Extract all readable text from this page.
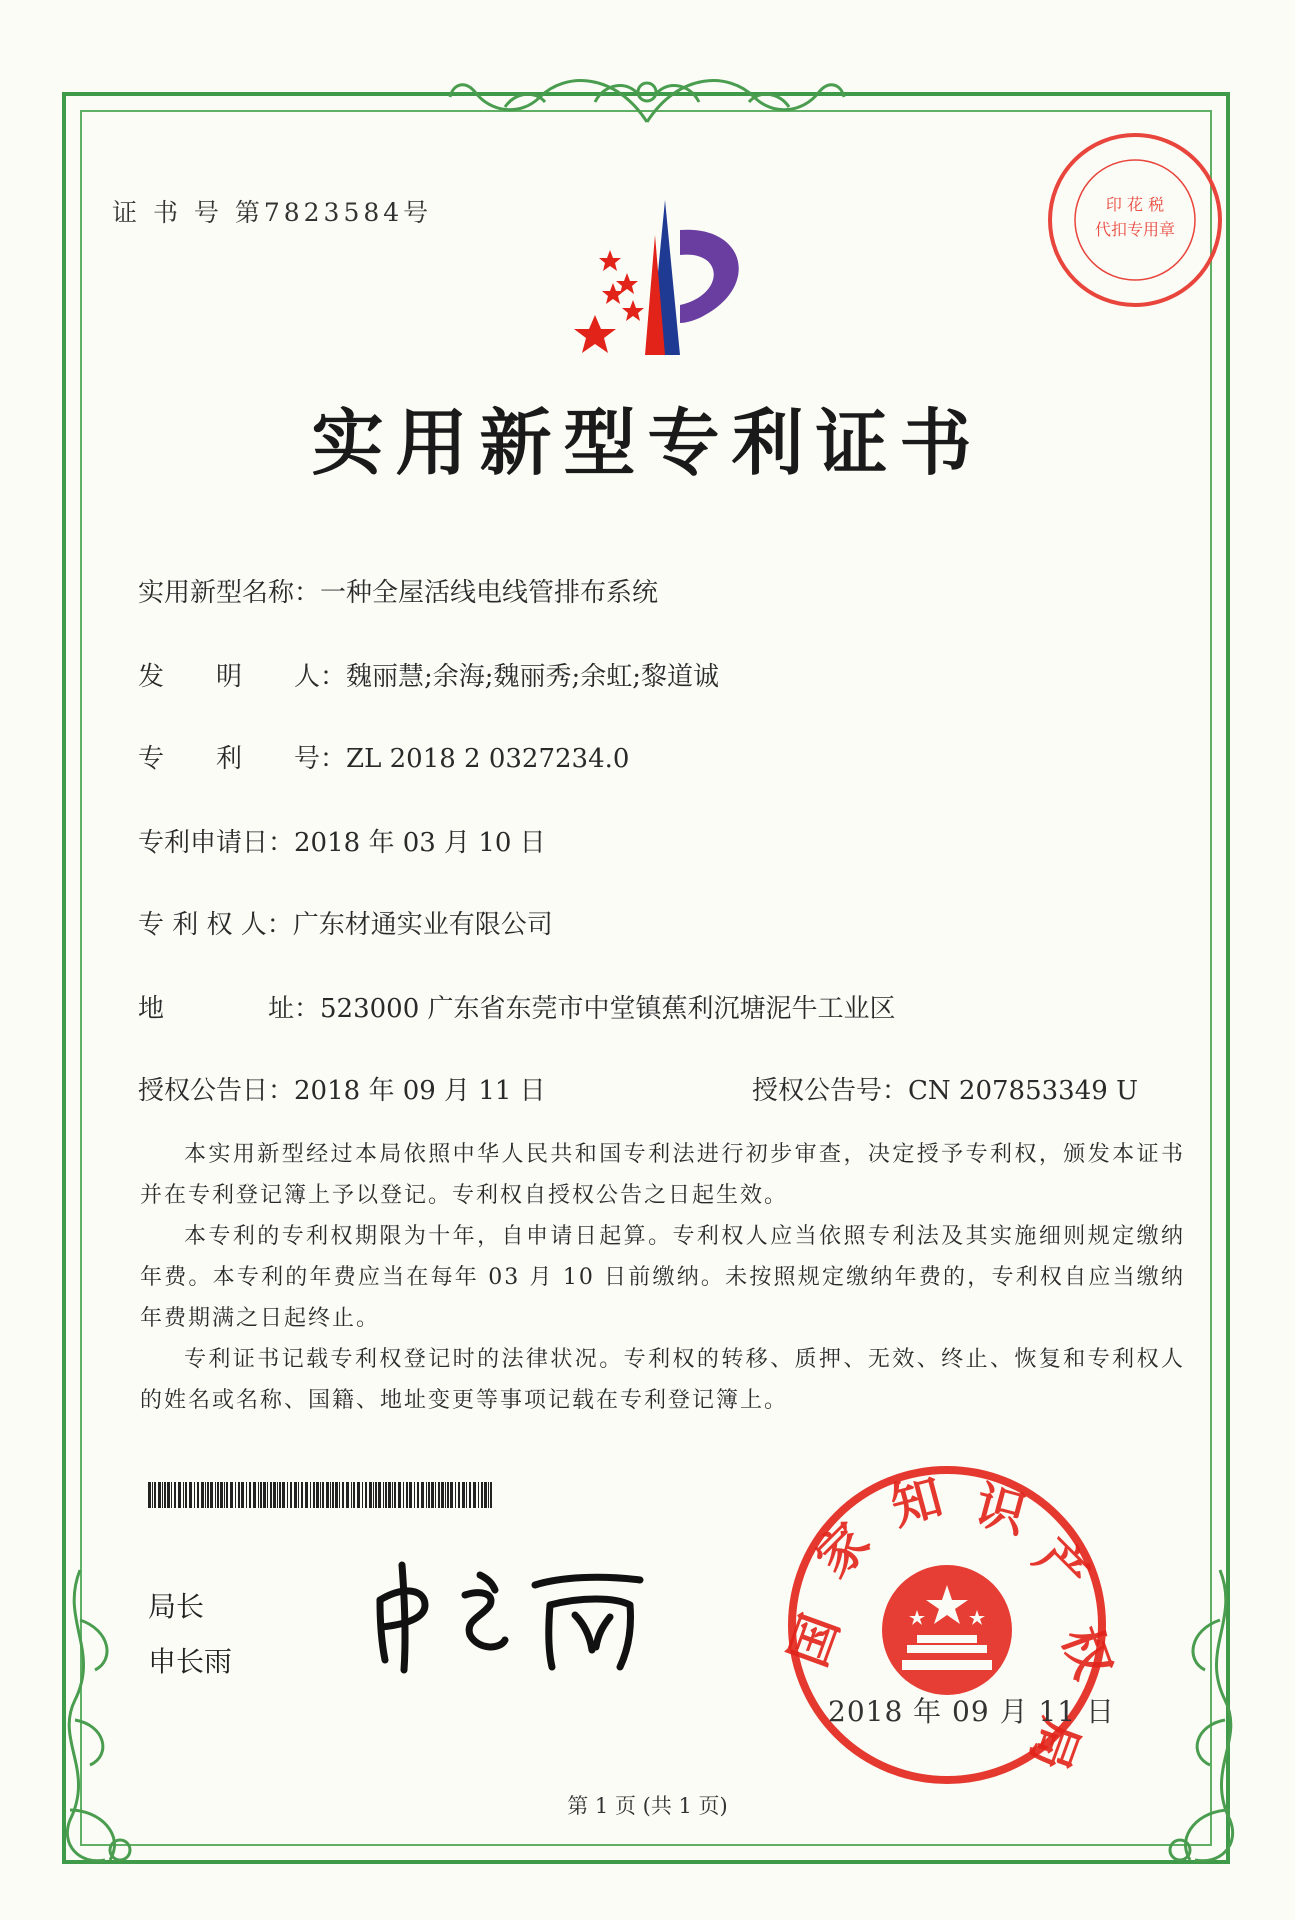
证 书 号 第7823584号	印 花 税
代扣专用章
实用新型专利证书
实用新型名称：一种全屋活线电线管排布系统
发　　明　　人：魏丽慧;余海;魏丽秀;余虹;黎道诚
专　　利　　号：ZL 2018 2 0327234.0
专利申请日：2018 年 03 月 10 日
专 利 权 人：广东材通实业有限公司
地　　　　址：523000 广东省东莞市中堂镇蕉利沉塘泥牛工业区
授权公告日：2018 年 09 月 11 日	授权公告号：CN 207853349 U

本实用新型经过本局依照中华人民共和国专利法进行初步审查，决定授予专利权，颁发本证书并在专利登记簿上予以登记。专利权自授权公告之日起生效。

本专利的专利权期限为十年，自申请日起算。专利权人应当依照专利法及其实施细则规定缴纳年费。本专利的年费应当在每年 03 月 10 日前缴纳。未按照规定缴纳年费的，专利权自应当缴纳年费期满之日起终止。

专利证书记载专利权登记时的法律状况。专利权的转移、质押、无效、终止、恢复和专利权人的姓名或名称、国籍、地址变更等事项记载在专利登记簿上。

局长
申长雨	国
家
知 识
产
权
局
2018 年 09 月 11 日
第 1 页 (共 1 页)
